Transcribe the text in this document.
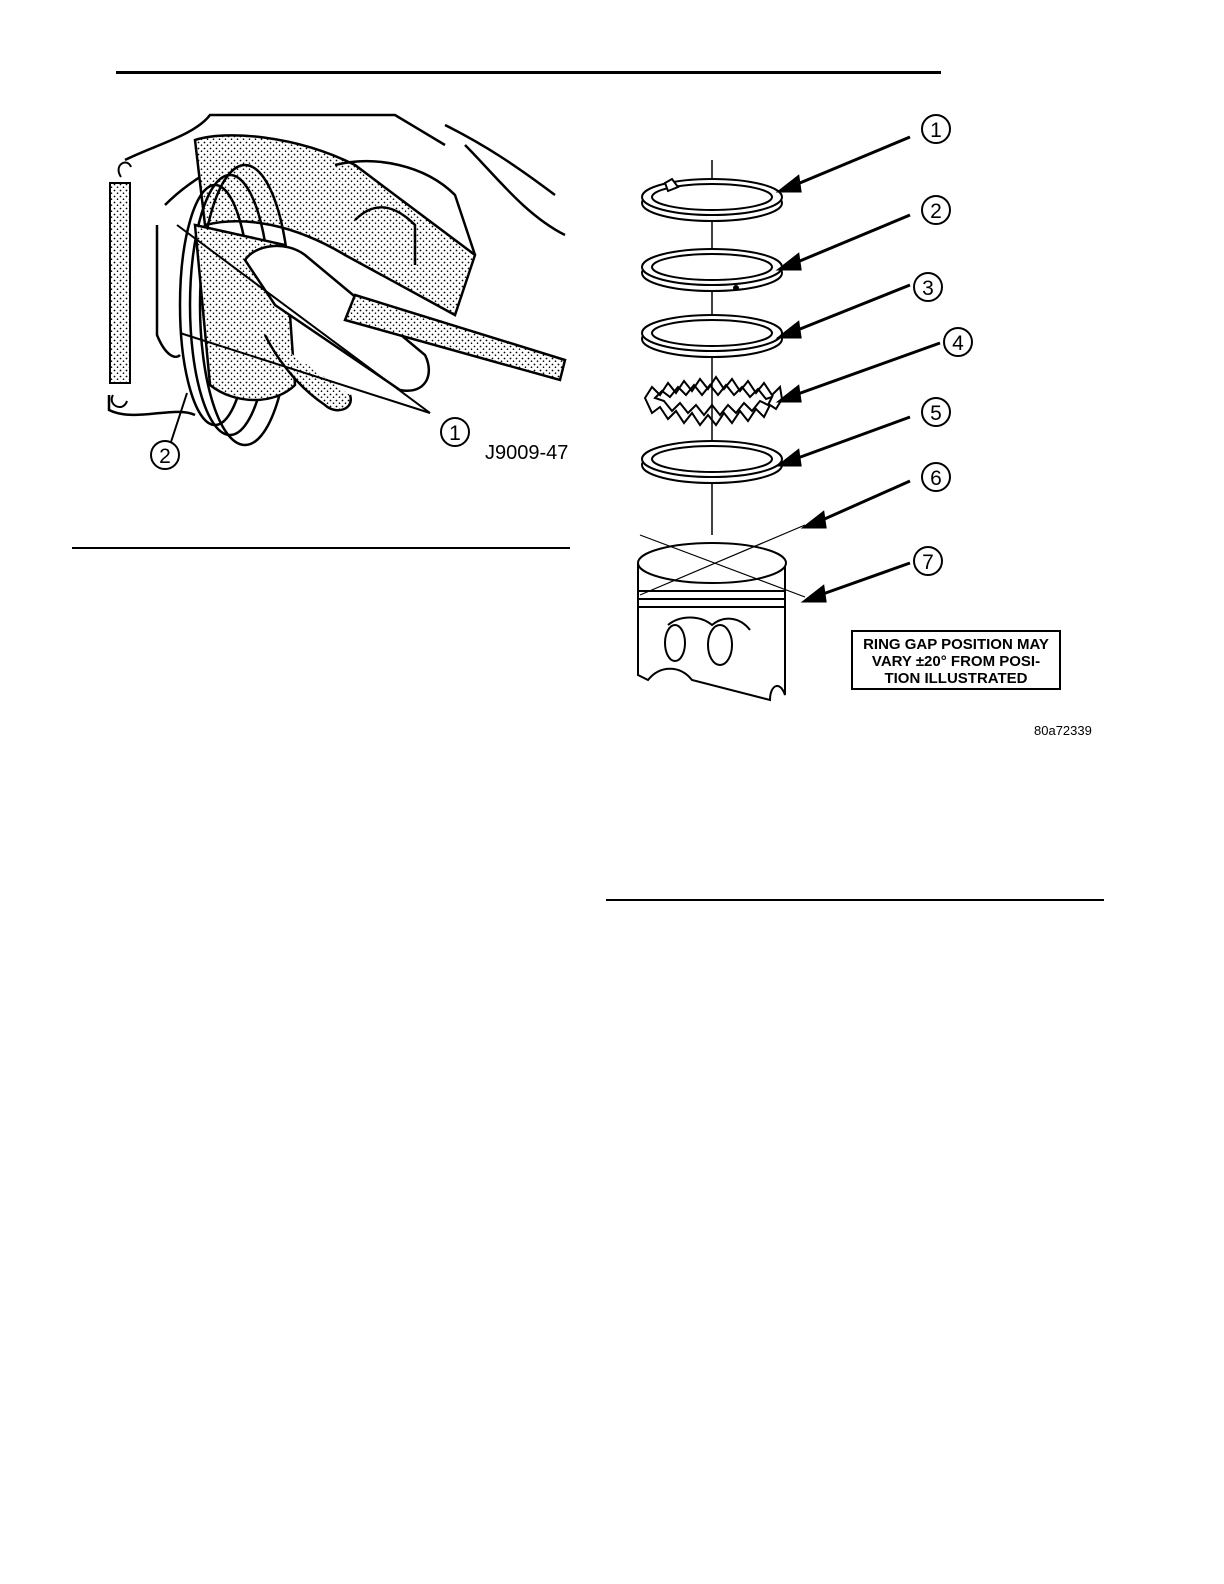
1
2	J9009-47
1
2
3
4
5
6
7
RING GAP POSITION MAY
VARY ±20° FROM POSI-
TION ILLUSTRATED
80a72339
